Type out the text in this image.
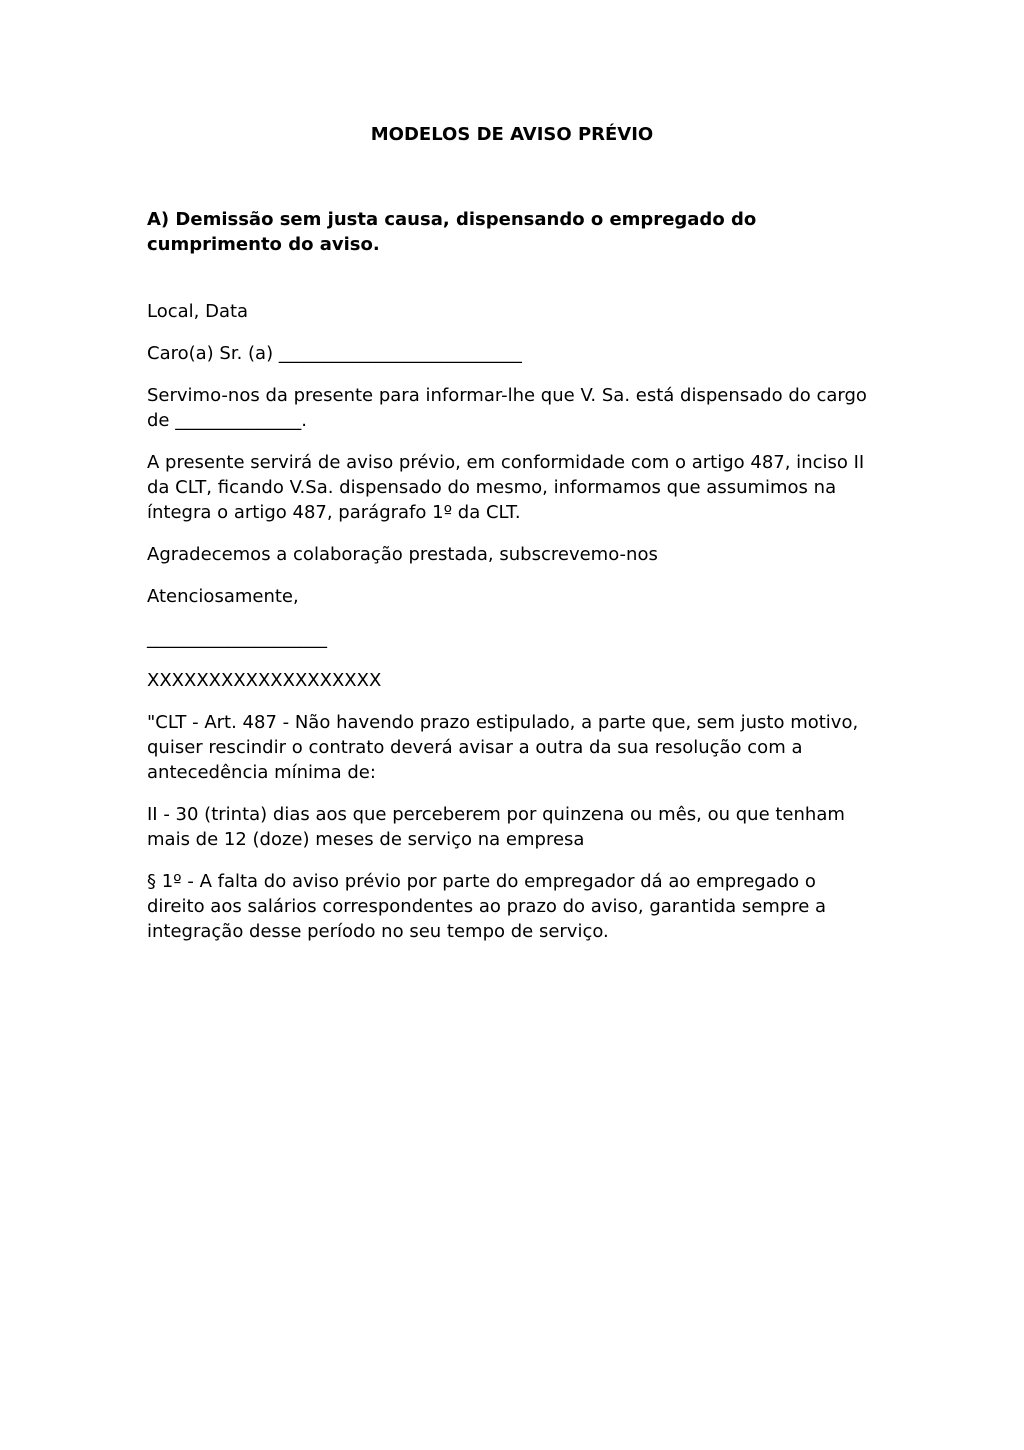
MODELOS DE AVISO PRÉVIO
A) Demissão sem justa causa, dispensando o empregado do cumprimento do aviso.

Local, Data

Caro(a) Sr. (a) ___________________________

Servimo-nos da presente para informar-lhe que V. Sa. está dispensado do cargo de ______________.

A presente servirá de aviso prévio, em conformidade com o artigo 487, inciso II da CLT, ficando V.Sa. dispensado do mesmo, informamos que assumimos na íntegra o artigo 487, parágrafo 1º da CLT.

Agradecemos a colaboração prestada, subscrevemo-nos

Atenciosamente,

____________________

XXXXXXXXXXXXXXXXXXX

"CLT - Art. 487 - Não havendo prazo estipulado, a parte que, sem justo motivo, quiser rescindir o contrato deverá avisar a outra da sua resolução com a antecedência mínima de:

II - 30 (trinta) dias aos que perceberem por quinzena ou mês, ou que tenham mais de 12 (doze) meses de serviço na empresa

§ 1º - A falta do aviso prévio por parte do empregador dá ao empregado o direito aos salários correspondentes ao prazo do aviso, garantida sempre a integração desse período no seu tempo de serviço.
